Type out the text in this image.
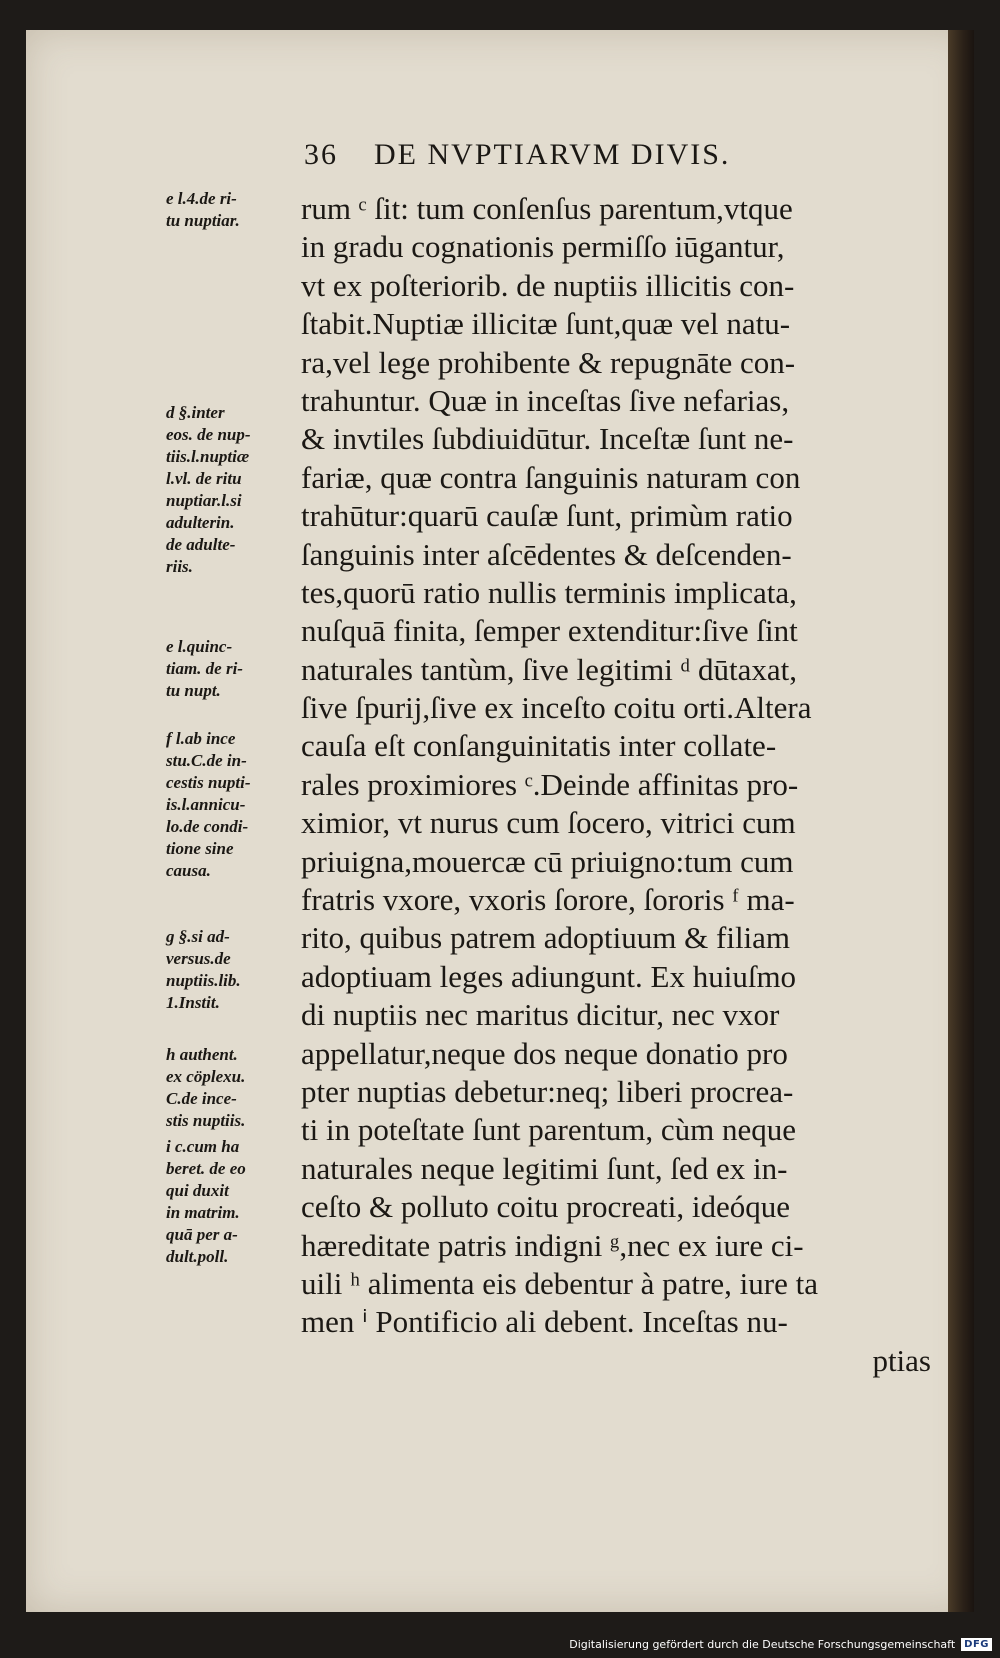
36 DE NVPTIARVM DIVIS.
e l.4.de ri-
tu nuptiar.
d §.inter
eos. de nup-
tiis.l.nuptiæ
l.vl. de ritu
nuptiar.l.si
adulterin.
de adulte-
riis.
e l.quinc-
tiam. de ri-
tu nupt.
f l.ab ince
stu.C.de in-
cestis nupti-
is.l.annicu-
lo.de condi-
tione sine
causa.
g §.si ad-
versus.de
nuptiis.lib.
1.Instit.
h authent.
ex cöplexu.
C.de ince-
stis nuptiis.
i c.cum ha
beret. de eo
qui duxit
in matrim.
quā per a-
dult.poll.
rum ᶜ ſit: tum conſenſus parentum,vtque
in gradu cognationis permiſſo iūgantur,
vt ex poſteriorib. de nuptiis illicitis con-
ſtabit.Nuptiæ illicitæ ſunt,quæ vel natu-
ra,vel lege prohibente & repugnāte con-
trahuntur. Quæ in inceſtas ſive nefarias,
& invtiles ſubdiuidūtur. Inceſtæ ſunt ne-
fariæ, quæ contra ſanguinis naturam con
trahūtur:quarū cauſæ ſunt, primùm ratio
ſanguinis inter aſcēdentes & deſcenden-
tes,quorū ratio nullis terminis implicata,
nuſquā finita, ſemper extenditur:ſive ſint
naturales tantùm, ſive legitimi ᵈ dūtaxat,
ſive ſpurij,ſive ex inceſto coitu orti.Altera
cauſa eſt conſanguinitatis inter collate-
rales proximiores ᶜ.Deinde affinitas pro-
ximior, vt nurus cum ſocero, vitrici cum
priuigna,mouercæ cū priuigno:tum cum
fratris vxore, vxoris ſorore, ſororis ᶠ ma-
rito, quibus patrem adoptiuum & filiam
adoptiuam leges adiungunt. Ex huiuſmo
di nuptiis nec maritus dicitur, nec vxor
appellatur,neque dos neque donatio pro
pter nuptias debetur:neq; liberi procrea-
ti in poteſtate ſunt parentum, cùm neque
naturales neque legitimi ſunt, ſed ex in-
ceſto & polluto coitu procreati, ideóque
hæreditate patris indigni ᵍ,nec ex iure ci-
uili ʰ alimenta eis debentur à patre, iure ta
men ⁱ Pontificio ali debent. Inceſtas nu-
ptias
Digitalisierung gefördert durch die Deutsche Forschungsgemeinschaft DFG
